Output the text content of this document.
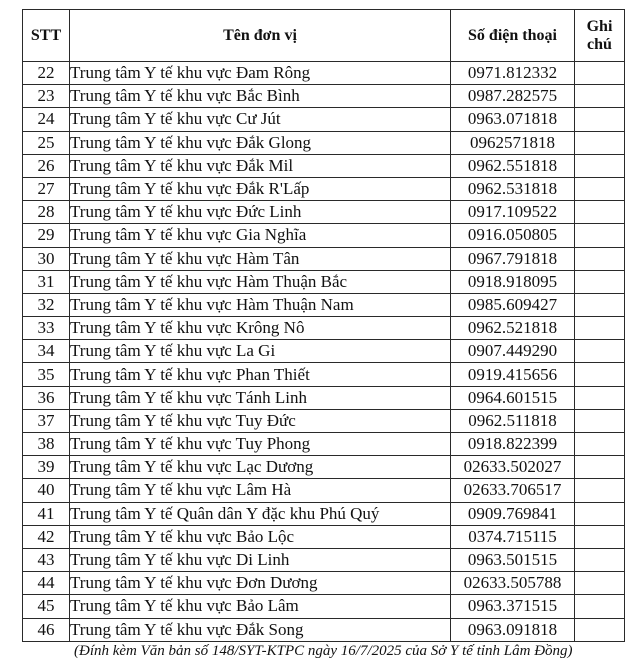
STT	Tên đơn vị	Số điện thoại	Ghi chú
22	Trung tâm Y tế khu vực Đam Rông	0971.812332	
23	Trung tâm Y tế khu vực Bắc Bình	0987.282575	
24	Trung tâm Y tế khu vực Cư Jút	0963.071818	
25	Trung tâm Y tế khu vực Đắk Glong	0962571818	
26	Trung tâm Y tế khu vực Đắk Mil	0962.551818	
27	Trung tâm Y tế khu vực Đắk R'Lấp	0962.531818	
28	Trung tâm Y tế khu vực Đức Linh	0917.109522	
29	Trung tâm Y tế khu vực Gia Nghĩa	0916.050805	
30	Trung tâm Y tế khu vực Hàm Tân	0967.791818	
31	Trung tâm Y tế khu vực Hàm Thuận Bắc	0918.918095	
32	Trung tâm Y tế khu vực Hàm Thuận Nam	0985.609427	
33	Trung tâm Y tế khu vực Krông Nô	0962.521818	
34	Trung tâm Y tế khu vực La Gi	0907.449290	
35	Trung tâm Y tế khu vực Phan Thiết	0919.415656	
36	Trung tâm Y tế khu vực Tánh Linh	0964.601515	
37	Trung tâm Y tế khu vực Tuy Đức	0962.511818	
38	Trung tâm Y tế khu vực Tuy Phong	0918.822399	
39	Trung tâm Y tế khu vực Lạc Dương	02633.502027	
40	Trung tâm Y tế khu vực Lâm Hà	02633.706517	
41	Trung tâm Y tế Quân dân Y đặc khu Phú Quý	0909.769841	
42	Trung tâm Y tế khu vực Bảo Lộc	0374.715115	
43	Trung tâm Y tế khu vực Di Linh	0963.501515	
44	Trung tâm Y tế khu vực Đơn Dương	02633.505788	
45	Trung tâm Y tế khu vực Bảo Lâm	0963.371515	
46	Trung tâm Y tế khu vực Đắk Song	0963.091818	
(Đính kèm Văn bản số 148/SYT-KTPC ngày 16/7/2025 của Sở Y tế tỉnh Lâm Đồng)
